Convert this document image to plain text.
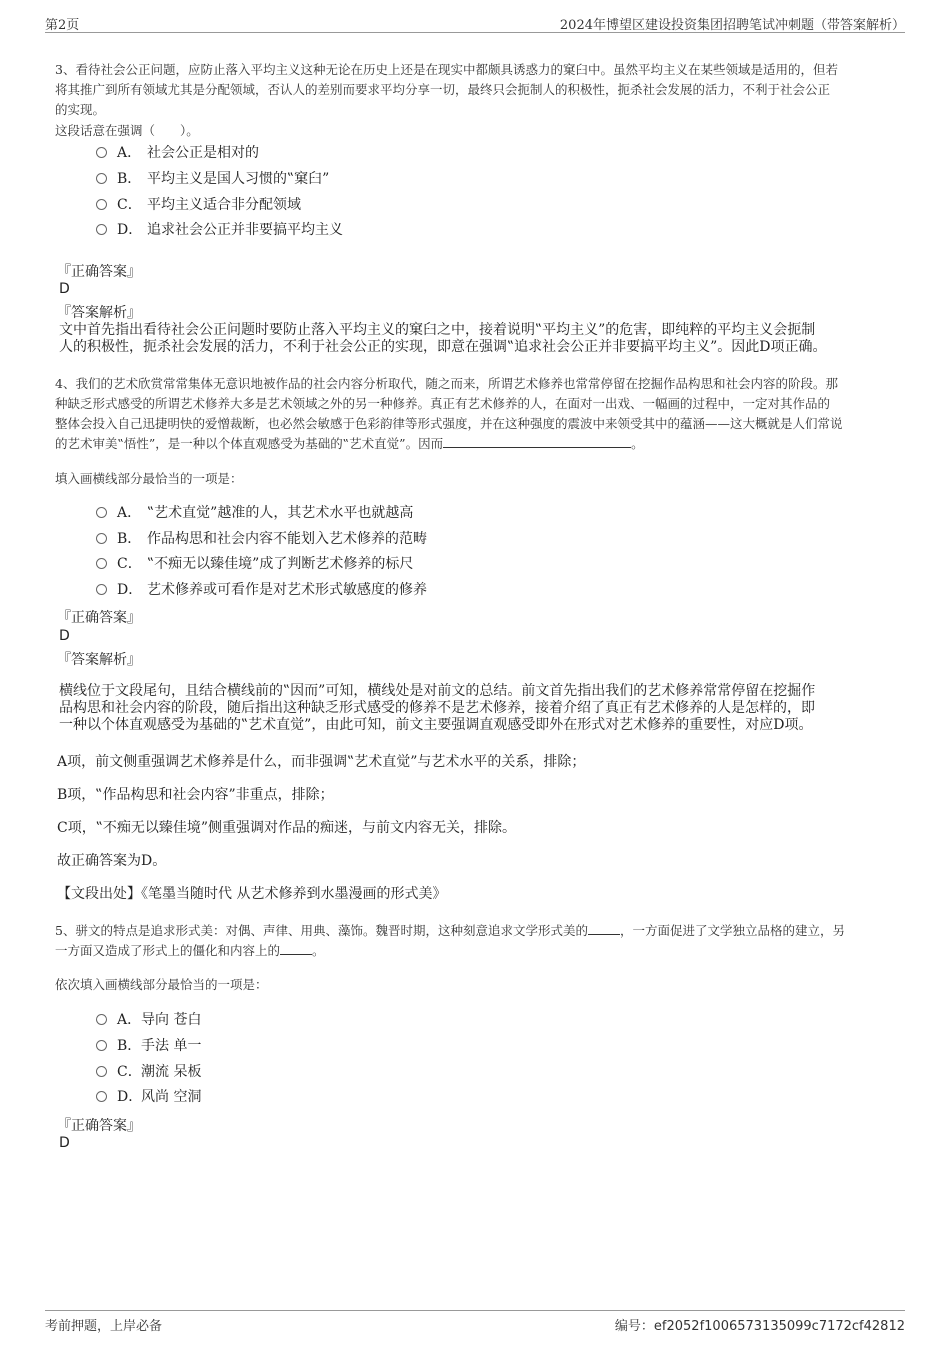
第2页	2024年博望区建设投资集团招聘笔试冲刺题（带答案解析）
3、看待社会公正问题，应防止落入平均主义这种无论在历史上还是在现实中都颇具诱惑力的窠臼中。虽然平均主义在某些领域是适用的，但若
将其推广到所有领域尤其是分配领域，否认人的差别而要求平均分享一切，最终只会扼制人的积极性，扼杀社会发展的活力，不利于社会公正
的实现。
这段话意在强调（　　）。
A． 社会公正是相对的
B． 平均主义是国人习惯的‟窠臼”
C． 平均主义适合非分配领域
D． 追求社会公正并非要搞平均主义
『正确答案』
D
『答案解析』
文中首先指出看待社会公正问题时要防止落入平均主义的窠臼之中，接着说明‟平均主义”的危害，即纯粹的平均主义会扼制
人的积极性，扼杀社会发展的活力，不利于社会公正的实现，即意在强调‟追求社会公正并非要搞平均主义”。因此D项正确。
4、我们的艺术欣赏常常集体无意识地被作品的社会内容分析取代，随之而来，所谓艺术修养也常常停留在挖掘作品构思和社会内容的阶段。那
种缺乏形式感受的所谓艺术修养大多是艺术领域之外的另一种修养。真正有艺术修养的人，在面对一出戏、一幅画的过程中，一定对其作品的
整体会投入自己迅捷明快的爱憎裁断，也必然会敏感于色彩韵律等形式强度，并在这种强度的震波中来领受其中的蕴涵——这大概就是人们常说
的艺术审美‟悟性”，是一种以个体直观感受为基础的‟艺术直觉”。因而	。
填入画横线部分最恰当的一项是：
A． ‟艺术直觉”越准的人，其艺术水平也就越高
B． 作品构思和社会内容不能划入艺术修养的范畴
C． ‟不痴无以臻佳境”成了判断艺术修养的标尺
D． 艺术修养或可看作是对艺术形式敏感度的修养
『正确答案』
D
『答案解析』
横线位于文段尾句，且结合横线前的‟因而”可知，横线处是对前文的总结。前文首先指出我们的艺术修养常常停留在挖掘作
品构思和社会内容的阶段，随后指出这种缺乏形式感受的修养不是艺术修养，接着介绍了真正有艺术修养的人是怎样的，即
一种以个体直观感受为基础的‟艺术直觉”，由此可知，前文主要强调直观感受即外在形式对艺术修养的重要性，对应D项。
A项，前文侧重强调艺术修养是什么，而非强调‟艺术直觉”与艺术水平的关系，排除；
B项，‟作品构思和社会内容”非重点，排除；
C项，‟不痴无以臻佳境”侧重强调对作品的痴迷，与前文内容无关，排除。
故正确答案为D。
【文段出处】《笔墨当随时代 从艺术修养到水墨漫画的形式美》
5、骈文的特点是追求形式美：对偶、声律、用典、藻饰。魏晋时期，这种刻意追求文学形式美的	，一方面促进了文学独立品格的建立，另
一方面又造成了形式上的僵化和内容上的	。
依次填入画横线部分最恰当的一项是：
A．导向 苍白
B．手法 单一
C．潮流 呆板
D．风尚 空洞
『正确答案』
D
考前押题，上岸必备	编号：ef2052f1006573135099c7172cf42812
